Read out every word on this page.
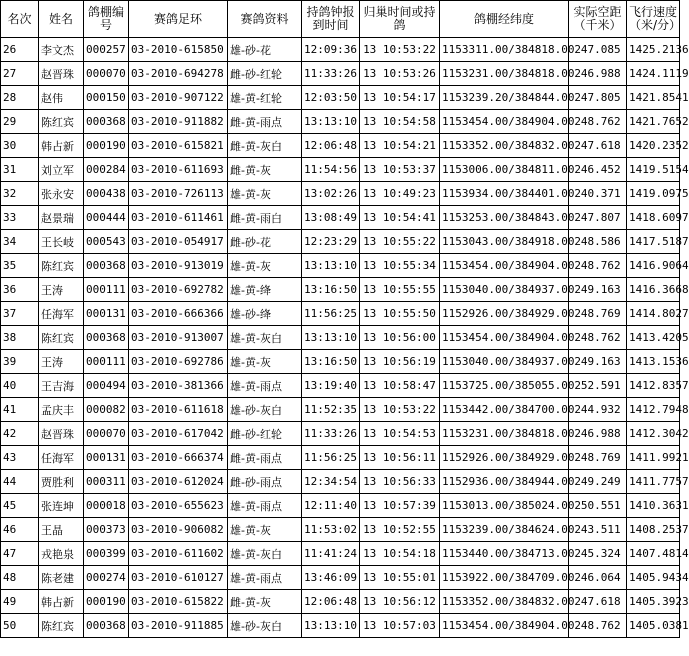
名次	姓名	鸽棚编号	赛鸽足环	赛鸽资料	持鸽钟报到时间	归巢时间或持鸽	鸽棚经纬度	实际空距（千米）	飞行速度（米/分）
26	李文杰	000257	03-2010-615850	雄-砂-花	12:09:36	13 10:53:22	1153311.00/384818.00	247.085	1425.2136
27	赵晋珠	000070	03-2010-694278	雌-砂-红轮	11:33:26	13 10:53:26	1153231.00/384818.00	246.988	1424.1119
28	赵伟	000150	03-2010-907122	雄-黄-红轮	12:03:50	13 10:54:17	1153239.20/384844.00	247.805	1421.8541
29	陈红宾	000368	03-2010-911882	雌-黄-雨点	13:13:10	13 10:54:58	1153454.00/384904.00	248.762	1421.7652
30	韩占新	000190	03-2010-615821	雌-黄-灰白	12:06:48	13 10:54:21	1153352.00/384832.00	247.618	1420.2352
31	刘立军	000284	03-2010-611693	雌-黄-灰	11:54:56	13 10:53:37	1153006.00/384811.00	246.452	1419.5154
32	张永安	000438	03-2010-726113	雄-黄-灰	13:02:26	13 10:49:23	1153934.00/384401.00	240.371	1419.0975
33	赵景瑞	000444	03-2010-611461	雌-黄-雨白	13:08:49	13 10:54:41	1153253.00/384843.00	247.807	1418.6097
34	王长岐	000543	03-2010-054917	雌-砂-花	12:23:29	13 10:55:22	1153043.00/384918.00	248.586	1417.5187
35	陈红宾	000368	03-2010-913019	雄-黄-灰	13:13:10	13 10:55:34	1153454.00/384904.00	248.762	1416.9064
36	王涛	000111	03-2010-692782	雄-黄-绛	13:16:50	13 10:55:55	1153040.00/384937.00	249.163	1416.3668
37	任海军	000131	03-2010-666366	雄-砂-绛	11:56:25	13 10:55:50	1152926.00/384929.00	248.769	1414.8027
38	陈红宾	000368	03-2010-913007	雄-黄-灰白	13:13:10	13 10:56:00	1153454.00/384904.00	248.762	1413.4205
39	王涛	000111	03-2010-692786	雄-黄-灰	13:16:50	13 10:56:19	1153040.00/384937.00	249.163	1413.1536
40	王吉海	000494	03-2010-381366	雄-黄-雨点	13:19:40	13 10:58:47	1153725.00/385055.00	252.591	1412.8357
41	孟庆丰	000082	03-2010-611618	雄-砂-灰白	11:52:35	13 10:53:22	1153442.00/384700.00	244.932	1412.7948
42	赵晋珠	000070	03-2010-617042	雌-砂-红轮	11:33:26	13 10:54:53	1153231.00/384818.00	246.988	1412.3042
43	任海军	000131	03-2010-666374	雌-黄-雨点	11:56:25	13 10:56:11	1152926.00/384929.00	248.769	1411.9921
44	贾胜利	000311	03-2010-612024	雌-砂-雨点	12:34:54	13 10:56:33	1152936.00/384944.00	249.249	1411.7757
45	张连坤	000018	03-2010-655623	雄-黄-雨点	12:11:40	13 10:57:39	1153013.00/385024.00	250.551	1410.3631
46	王晶	000373	03-2010-906082	雄-黄-灰	11:53:02	13 10:52:55	1153239.00/384624.00	243.511	1408.2537
47	戎艳泉	000399	03-2010-611602	雄-黄-灰白	11:41:24	13 10:54:18	1153440.00/384713.00	245.324	1407.4814
48	陈老建	000274	03-2010-610127	雄-黄-雨点	13:46:09	13 10:55:01	1153922.00/384709.00	246.064	1405.9434
49	韩占新	000190	03-2010-615822	雌-黄-灰	12:06:48	13 10:56:12	1153352.00/384832.00	247.618	1405.3923
50	陈红宾	000368	03-2010-911885	雄-砂-灰白	13:13:10	13 10:57:03	1153454.00/384904.00	248.762	1405.0381
